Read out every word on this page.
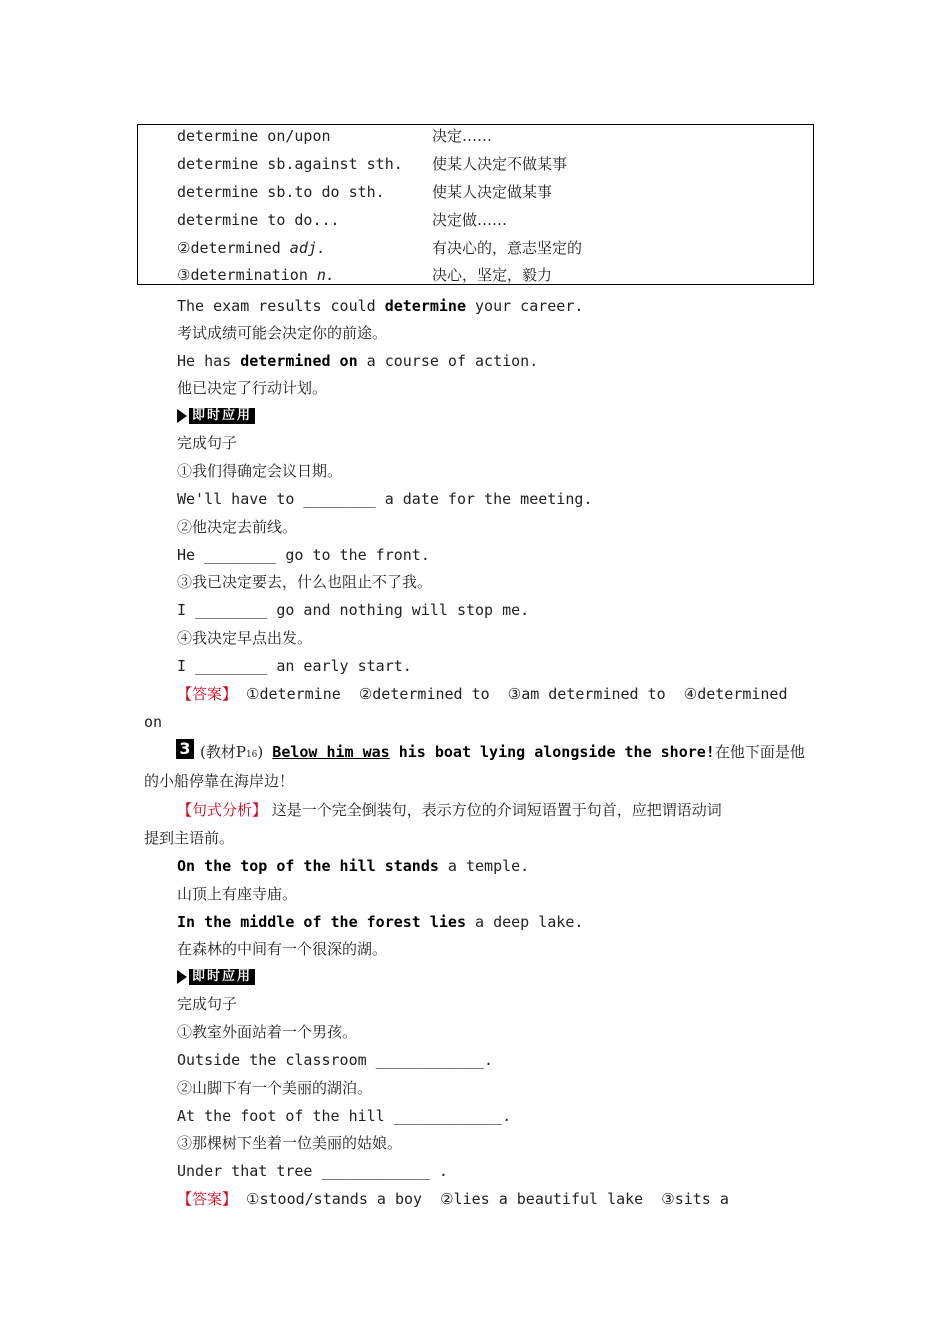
determine on/upon	决定……
determine sb.against sth. 使某人决定不做某事
determine sb.to do sth.	使某人决定做某事
determine to do...	决定做……
②determined adj.	有决心的，意志坚定的
③determination n.	决心，坚定，毅力
The exam results could determine your career.
考试成绩可能会决定你的前途。
He has determined on a course of action.
他已决定了行动计划。
即时应用
完成句子
①我们得确定会议日期。
We'll have to ________ a date for the meeting.
②他决定去前线。
He ________ go to the front.
③我已决定要去，什么也阻止不了我。
I ________ go and nothing will stop me.
④我决定早点出发。
I ________ an early start.
【答案】 ①determine  ②determined to  ③am determined to  ④determined
on
3 (教材P16) Below him was his boat lying alongside the shore!在他下面是他
的小船停靠在海岸边！
【句式分析】 这是一个完全倒装句，表示方位的介词短语置于句首，应把谓语动词
提到主语前。
On the top of the hill stands a temple.
山顶上有座寺庙。
In the middle of the forest lies a deep lake.
在森林的中间有一个很深的湖。
即时应用
完成句子
①教室外面站着一个男孩。
Outside the classroom ____________.
②山脚下有一个美丽的湖泊。
At the foot of the hill ____________.
③那棵树下坐着一位美丽的姑娘。
Under that tree ____________ .
【答案】 ①stood/stands a boy  ②lies a beautiful lake  ③sits a
